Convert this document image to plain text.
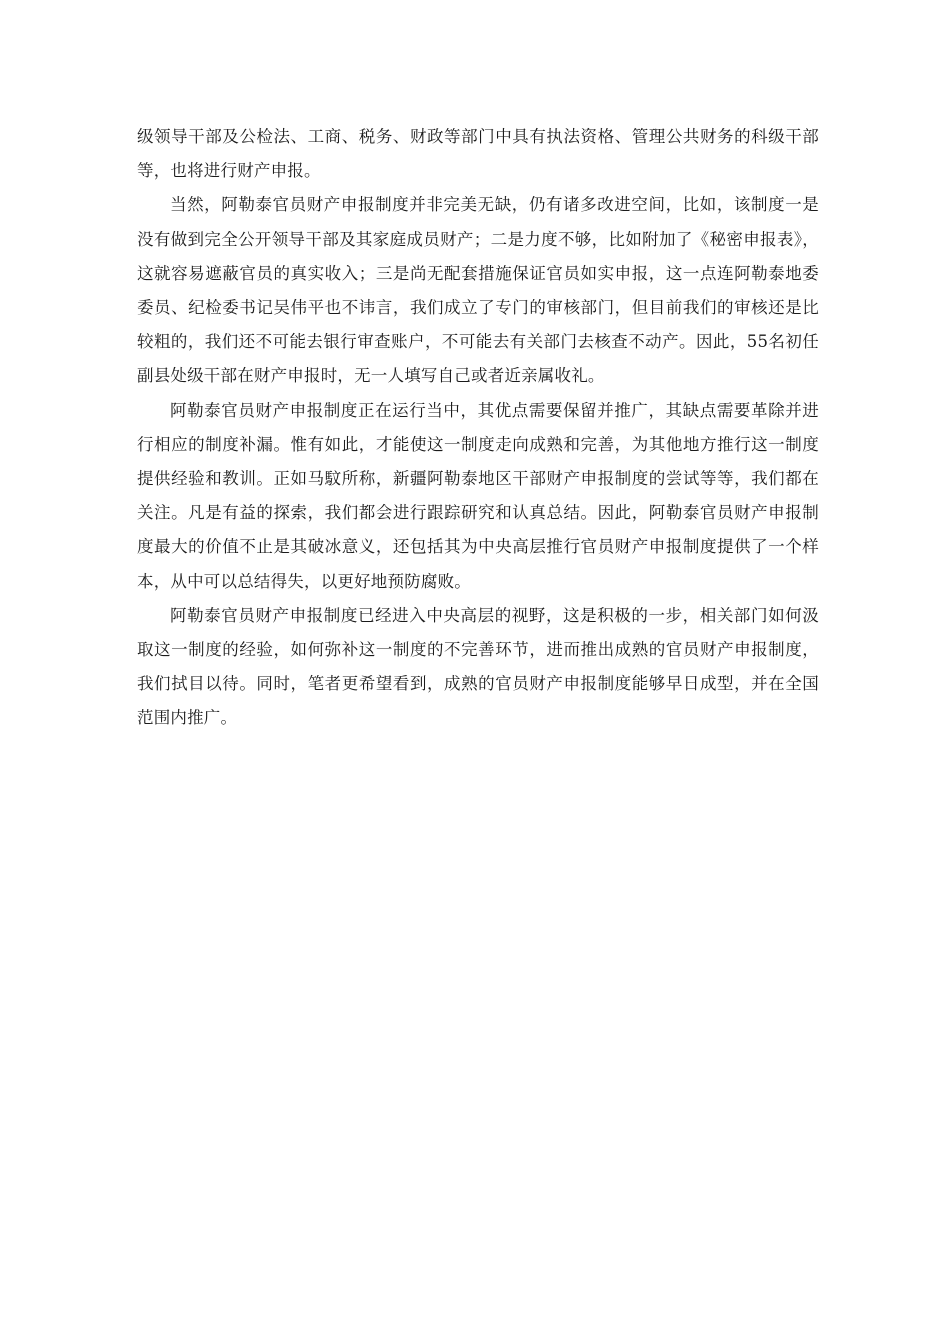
级领导干部及公检法、工商、税务、财政等部门中具有执法资格、管理公共财务的科级干部等，也将进行财产申报。

当然，阿勒泰官员财产申报制度并非完美无缺，仍有诸多改进空间，比如，该制度一是没有做到完全公开领导干部及其家庭成员财产；二是力度不够，比如附加了《秘密申报表》，这就容易遮蔽官员的真实收入；三是尚无配套措施保证官员如实申报，这一点连阿勒泰地委委员、纪检委书记吴伟平也不讳言，我们成立了专门的审核部门，但目前我们的审核还是比较粗的，我们还不可能去银行审查账户，不可能去有关部门去核查不动产。因此，55名初任副县处级干部在财产申报时，无一人填写自己或者近亲属收礼。

阿勒泰官员财产申报制度正在运行当中，其优点需要保留并推广，其缺点需要革除并进行相应的制度补漏。惟有如此，才能使这一制度走向成熟和完善，为其他地方推行这一制度提供经验和教训。正如马馼所称，新疆阿勒泰地区干部财产申报制度的尝试等等，我们都在关注。凡是有益的探索，我们都会进行跟踪研究和认真总结。因此，阿勒泰官员财产申报制度最大的价值不止是其破冰意义，还包括其为中央高层推行官员财产申报制度提供了一个样本，从中可以总结得失，以更好地预防腐败。

阿勒泰官员财产申报制度已经进入中央高层的视野，这是积极的一步，相关部门如何汲取这一制度的经验，如何弥补这一制度的不完善环节，进而推出成熟的官员财产申报制度，我们拭目以待。同时，笔者更希望看到，成熟的官员财产申报制度能够早日成型，并在全国范围内推广。
